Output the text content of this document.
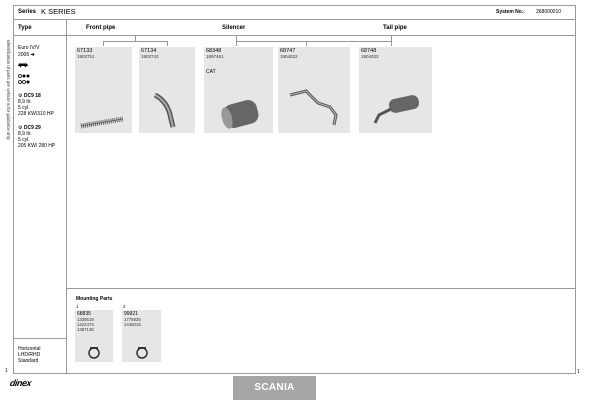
Series K SERIES	System No.: 268000010
Type	Front pipe	Silencer	Tail pipe
Identification of parts per vehicle is for guidance only Euro IV/V
2006 ➔
⚙ DC9 18
8,9 ltr.
5 cyl.
228 KW/310 HP
⚙ DC9 29
8,9 ltr.
5 cyl.
205 KW/ 280 HP
Horizontal
LHD/RHD
Standard
67133
1903751
67134
1903743
68348
1897461
CAT
68747
1904022
68748
1904023
Mounting Parts
1	2
68835
1339518
1422474
1367136
99921
1775925
1445015
1	1
dinex	SCANIA
